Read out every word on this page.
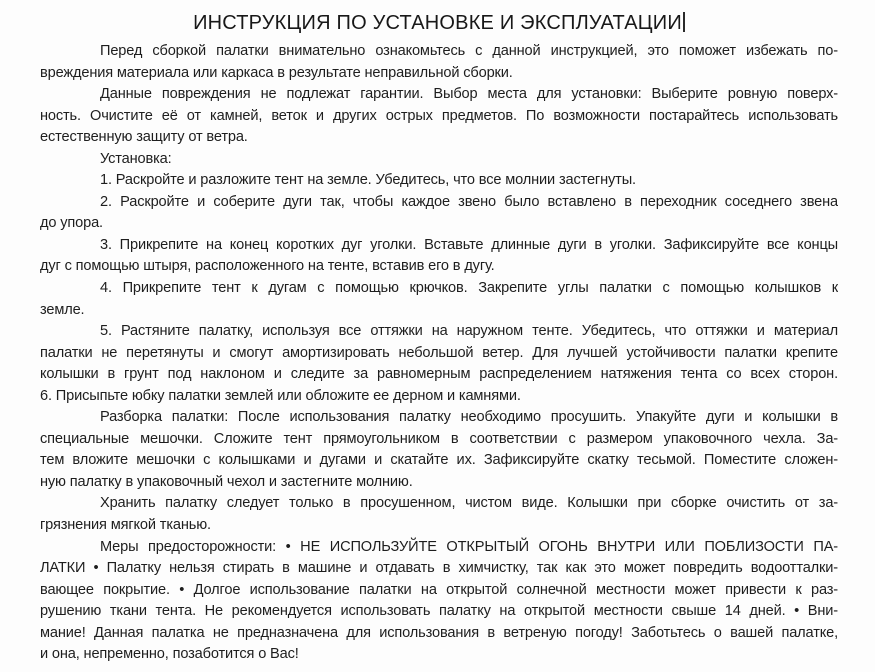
ИНСТРУКЦИЯ ПО УСТАНОВКЕ И ЭКСПЛУАТАЦИИ
Перед сборкой палатки внимательно ознакомьтесь с данной инструкцией, это поможет избежать по-
вреждения материала или каркаса в результате неправильной сборки.
Данные повреждения не подлежат гарантии. Выбор места для установки: Выберите ровную поверх-
ность. Очистите её от камней, веток и других острых предметов. По возможности постарайтесь использовать
естественную защиту от ветра.
Установка:
1. Раскройте и разложите тент на земле. Убедитесь, что все молнии застегнуты.
2. Раскройте и соберите дуги так, чтобы каждое звено было вставлено в переходник соседнего звена
до упора.
3. Прикрепите на конец коротких дуг уголки. Вставьте длинные дуги в уголки. Зафиксируйте все концы
дуг с помощью штыря, расположенного на тенте, вставив его в дугу.
4. Прикрепите тент к дугам с помощью крючков. Закрепите углы палатки с помощью колышков к
земле.
5. Растяните палатку, используя все оттяжки на наружном тенте. Убедитесь, что оттяжки и материал
палатки не перетянуты и смогут амортизировать небольшой ветер. Для лучшей устойчивости палатки крепите
колышки в грунт под наклоном и следите за равномерным распределением натяжения тента со всех сторон.
6. Присыпьте юбку палатки землей или обложите ее дерном и камнями.
Разборка палатки: После использования палатку необходимо просушить. Упакуйте дуги и колышки в
специальные мешочки. Сложите тент прямоугольником в соответствии с размером упаковочного чехла. За-
тем вложите мешочки с колышками и дугами и скатайте их. Зафиксируйте скатку тесьмой. Поместите сложен-
ную палатку в упаковочный чехол и застегните молнию.
Хранить палатку следует только в просушенном, чистом виде. Колышки при сборке очистить от за-
грязнения мягкой тканью.
Меры предосторожности: • НЕ ИСПОЛЬЗУЙТЕ ОТКРЫТЫЙ ОГОНЬ ВНУТРИ ИЛИ ПОБЛИЗОСТИ ПА-
ЛАТКИ • Палатку нельзя стирать в машине и отдавать в химчистку, так как это может повредить водоотталки-
вающее покрытие. • Долгое использование палатки на открытой солнечной местности может привести к раз-
рушению ткани тента. Не рекомендуется использовать палатку на открытой местности свыше 14 дней. • Вни-
мание! Данная палатка не предназначена для использования в ветреную погоду! Заботьтесь о вашей палатке,
и она, непременно, позаботится о Вас!
